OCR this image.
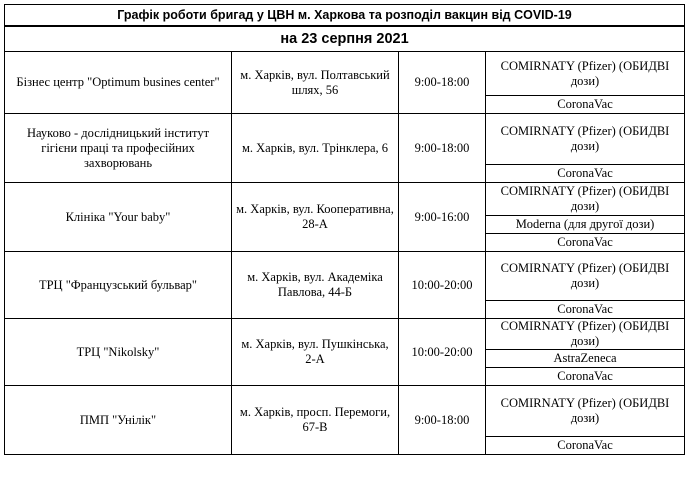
Графік роботи бригад у ЦВН м. Харкова та розподіл вакцин від COVID-19			
на 23 серпня 2021			
Бізнес центр "Optimum busines center"	м. Харків, вул. Полтавський шлях, 56	9:00-18:00	COMIRNATY (Pfizer) (ОБИДВІ дози)
			CoronaVac
Науково - дослідницький інститут гігієни праці та професійних захворювань	м. Харків, вул. Трінклера, 6	9:00-18:00	COMIRNATY (Pfizer) (ОБИДВІ дози)
			CoronaVac
Клініка "Your baby"	м. Харків, вул. Кооперативна, 28-А	9:00-16:00	COMIRNATY (Pfizer) (ОБИДВІ дози)
			Moderna (для другої дози)
			CoronaVac
ТРЦ "Французський бульвар"	м. Харків, вул. Академіка Павлова, 44-Б	10:00-20:00	COMIRNATY (Pfizer) (ОБИДВІ дози)
			CoronaVac
ТРЦ "Nikolsky"	м. Харків, вул. Пушкінська, 2-А	10:00-20:00	COMIRNATY (Pfizer) (ОБИДВІ дози)
			AstraZeneca
			CoronaVac
ПМП "Унілік"	м. Харків, просп. Перемоги, 67-В	9:00-18:00	COMIRNATY (Pfizer) (ОБИДВІ дози)
			CoronaVac
